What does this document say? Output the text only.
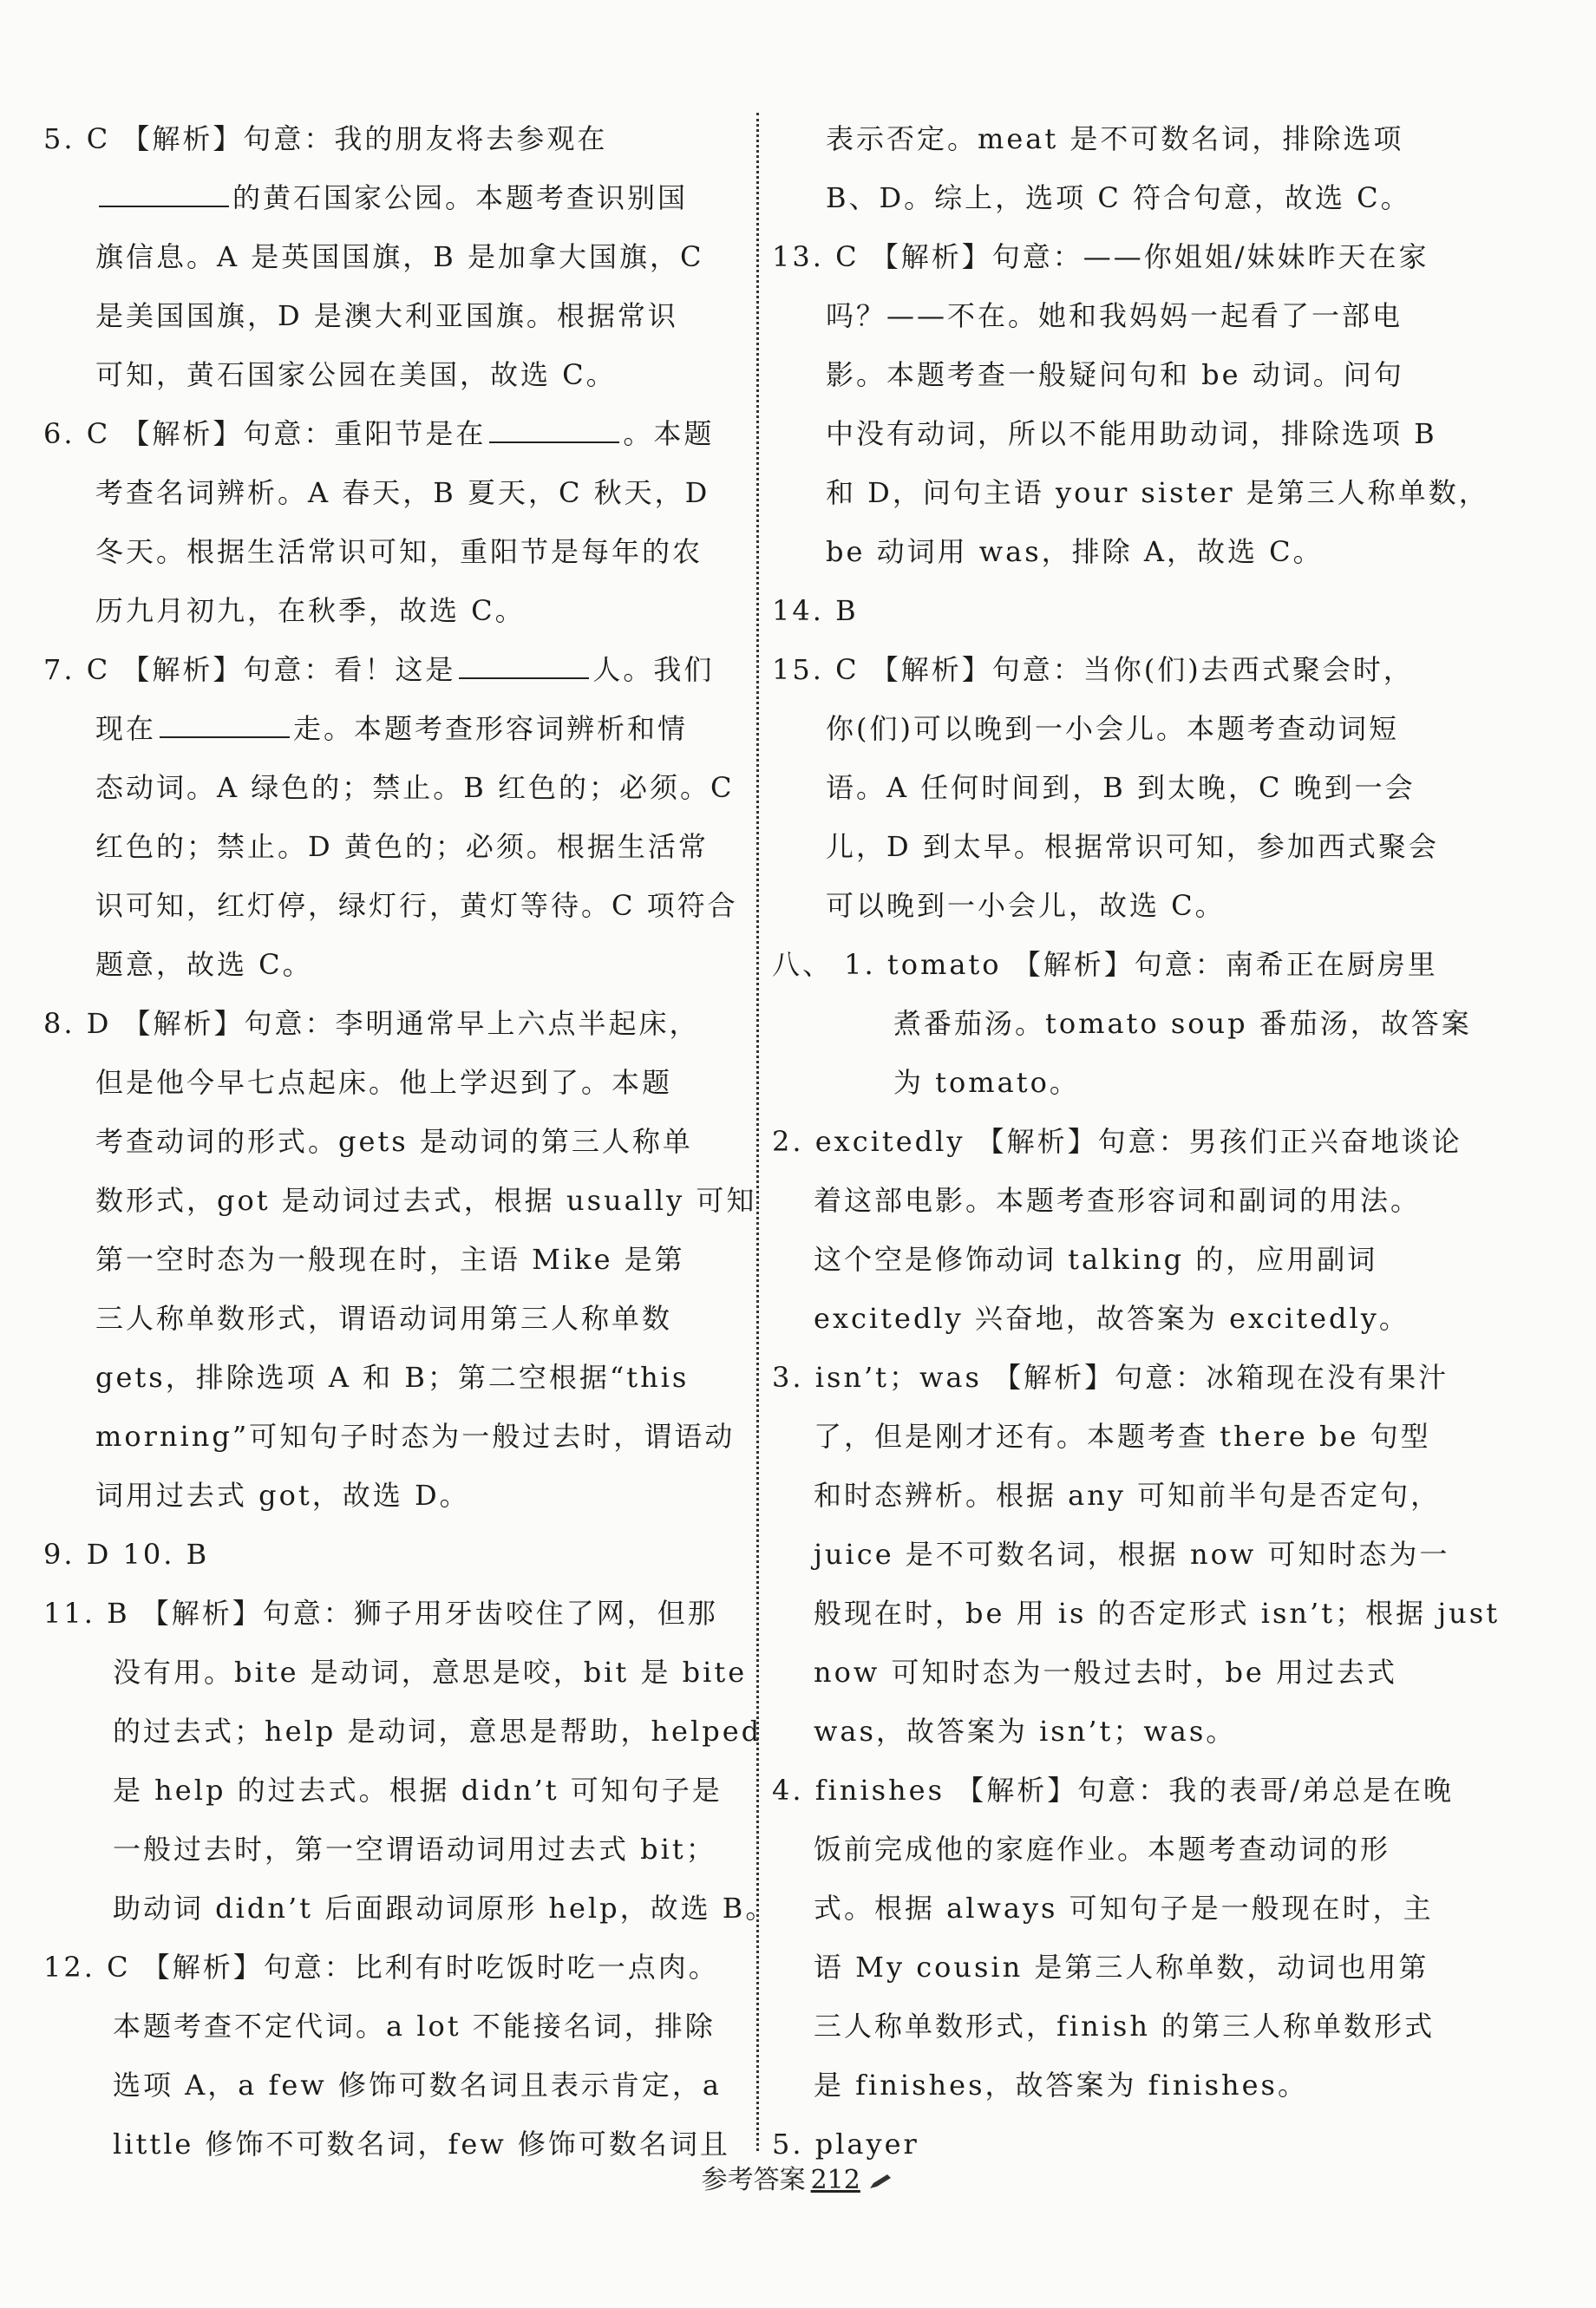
5. C 【解析】句意：我的朋友将去参观在
的黄石国家公园。本题考查识别国
旗信息。A 是英国国旗，B 是加拿大国旗，C
是美国国旗，D 是澳大利亚国旗。根据常识
可知，黄石国家公园在美国，故选 C。
6. C 【解析】句意：重阳节是在	。本题
考查名词辨析。A 春天，B 夏天，C 秋天，D
冬天。根据生活常识可知，重阳节是每年的农
历九月初九，在秋季，故选 C。
7. C 【解析】句意：看！这是	人。我们
现在	走。本题考查形容词辨析和情
态动词。A 绿色的；禁止。B 红色的；必须。C
红色的；禁止。D 黄色的；必须。根据生活常
识可知，红灯停，绿灯行，黄灯等待。C 项符合
题意，故选 C。
8. D 【解析】句意：李明通常早上六点半起床，
但是他今早七点起床。他上学迟到了。本题
考查动词的形式。gets 是动词的第三人称单
数形式，got 是动词过去式，根据 usually 可知
第一空时态为一般现在时，主语 Mike 是第
三人称单数形式，谓语动词用第三人称单数
gets，排除选项 A 和 B；第二空根据“this
morning”可知句子时态为一般过去时，谓语动
词用过去式 got，故选 D。
9. D 10. B
11. B 【解析】句意：狮子用牙齿咬住了网，但那
没有用。bite 是动词，意思是咬，bit 是 bite
的过去式；help 是动词，意思是帮助，helped
是 help 的过去式。根据 didn’t 可知句子是
一般过去时，第一空谓语动词用过去式 bit；
助动词 didn’t 后面跟动词原形 help，故选 B。
12. C 【解析】句意：比利有时吃饭时吃一点肉。
本题考查不定代词。a lot 不能接名词，排除
选项 A，a few 修饰可数名词且表示肯定，a
little 修饰不可数名词，few 修饰可数名词且
表示否定。meat 是不可数名词，排除选项
B、D。综上，选项 C 符合句意，故选 C。
13. C 【解析】句意：——你姐姐/妹妹昨天在家
吗？——不在。她和我妈妈一起看了一部电
影。本题考查一般疑问句和 be 动词。问句
中没有动词，所以不能用助动词，排除选项 B
和 D，问句主语 your sister 是第三人称单数，
be 动词用 was，排除 A，故选 C。
14. B
15. C 【解析】句意：当你(们)去西式聚会时，
你(们)可以晚到一小会儿。本题考查动词短
语。A 任何时间到，B 到太晚，C 晚到一会
儿，D 到太早。根据常识可知，参加西式聚会
可以晚到一小会儿，故选 C。
八、 1. tomato 【解析】句意：南希正在厨房里
煮番茄汤。tomato soup 番茄汤，故答案
为 tomato。
2. excitedly 【解析】句意：男孩们正兴奋地谈论
着这部电影。本题考查形容词和副词的用法。
这个空是修饰动词 talking 的，应用副词
excitedly 兴奋地，故答案为 excitedly。
3. isn’t；was 【解析】句意：冰箱现在没有果汁
了，但是刚才还有。本题考查 there be 句型
和时态辨析。根据 any 可知前半句是否定句，
juice 是不可数名词，根据 now 可知时态为一
般现在时，be 用 is 的否定形式 isn’t；根据 just
now 可知时态为一般过去时，be 用过去式
was，故答案为 isn’t；was。
4. finishes 【解析】句意：我的表哥/弟总是在晚
饭前完成他的家庭作业。本题考查动词的形
式。根据 always 可知句子是一般现在时，主
语 My cousin 是第三人称单数，动词也用第
三人称单数形式，finish 的第三人称单数形式
是 finishes，故答案为 finishes。
5. player
参考答案 212
